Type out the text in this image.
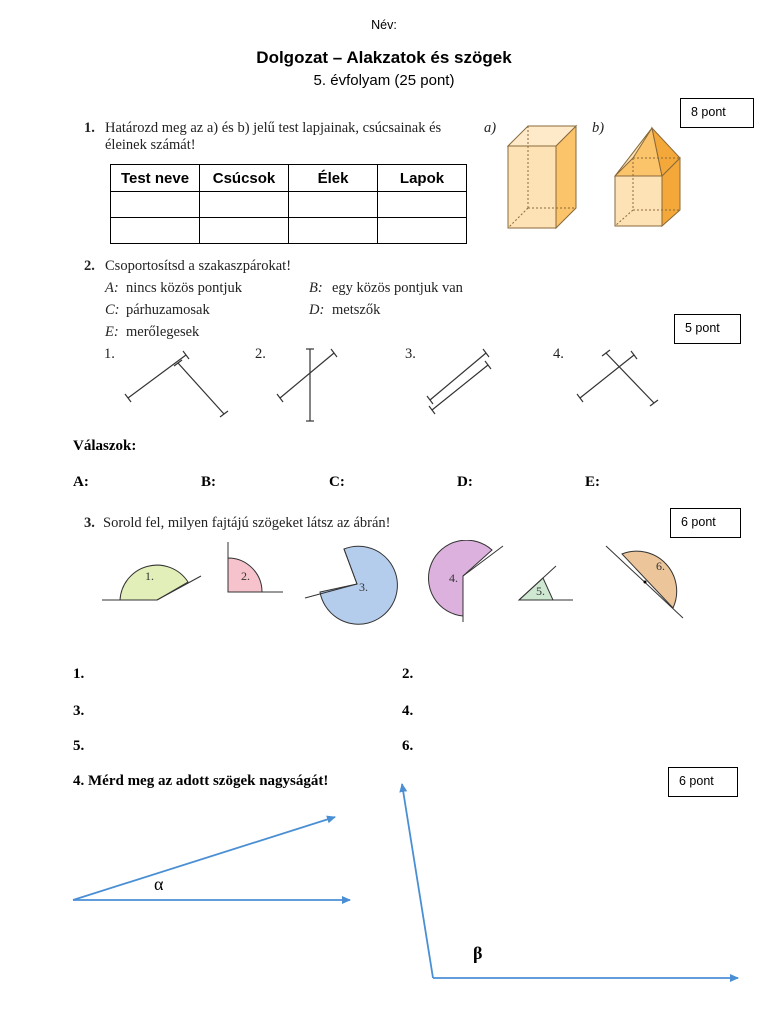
Név:
Dolgozat – Alakzatok és szögek
5. évfolyam (25 pont)
8 pont
1. Határozd meg az a) és b) jelű test lapjainak, csúcsainak és
éleinek számát!
Test neve	Csúcsok	Élek	Lapok

a)	b)
2. Csoportosítsd a szakaszpárokat!
A: nincs közös pontjuk	B: egy közös pontjuk van
C: párhuzamosak	D: metszők
E: merőlegesek	5 pont
1.	2.	3.	4.
Válaszok:
A:	B:	C:	D:	E:
3. Sorold fel, milyen fajtájú szögeket látsz az ábrán!	6 pont
1.	2.
3.
4.
5.
6.
1.	2.
3.	4.
5.	6.
4. Mérd meg az adott szögek nagyságát!	6 pont
α
β
